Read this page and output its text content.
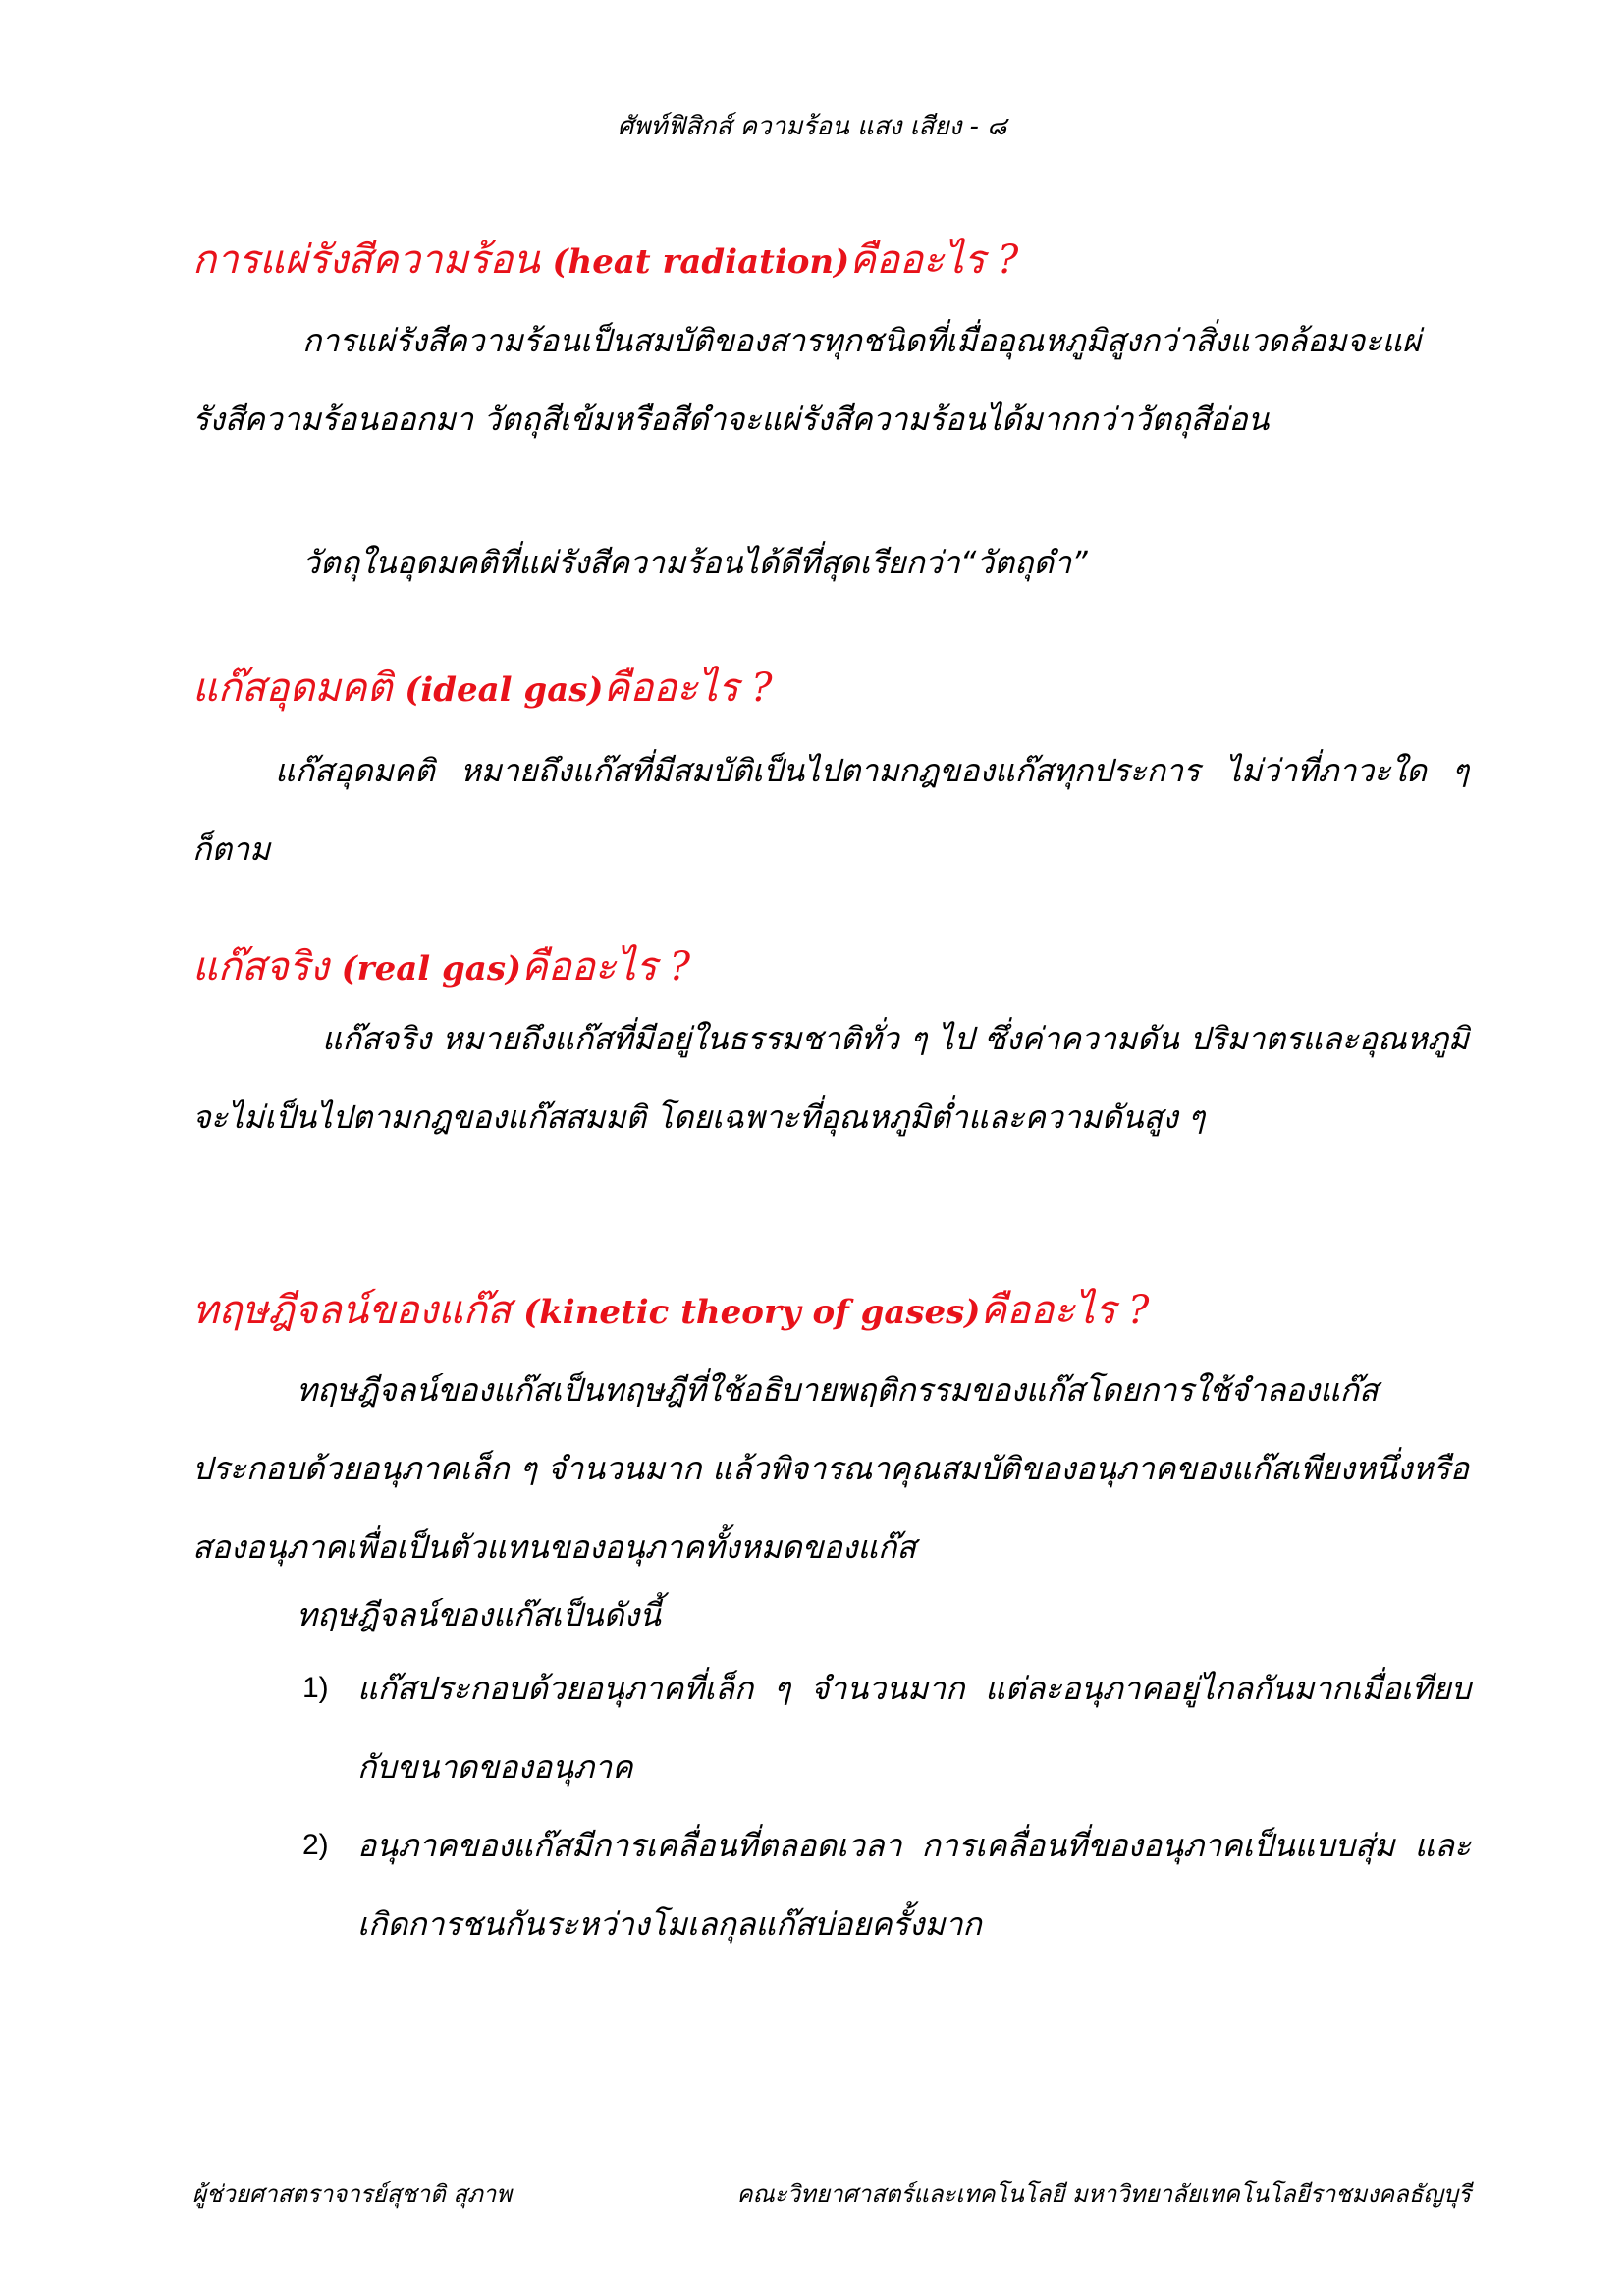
ศัพท์ฟิสิกส์ ความร้อน แสง เสียง - ๘
การแผ่รังสีความร้อน (heat radiation)คืออะไร ?
การแผ่รังสีความร้อนเป็นสมบัติของสารทุกชนิดที่เมื่ออุณหภูมิสูงกว่าสิ่งแวดล้อมจะแผ่รังสีความร้อนออกมา วัตถุสีเข้มหรือสีดำจะแผ่รังสีความร้อนได้มากกว่าวัตถุสีอ่อน
วัตถุในอุดมคติที่แผ่รังสีความร้อนได้ดีที่สุดเรียกว่า“วัตถุดำ”
แก๊สอุดมคติ (ideal gas)คืออะไร ?
แก๊สอุดมคติ หมายถึงแก๊สที่มีสมบัติเป็นไปตามกฎของแก๊สทุกประการ ไม่ว่าที่ภาวะใด ๆ ก็ตาม
แก๊สจริง (real gas)คืออะไร ?
แก๊สจริง หมายถึงแก๊สที่มีอยู่ในธรรมชาติทั่ว ๆ ไป ซึ่งค่าความดัน ปริมาตรและอุณหภูมิจะไม่เป็นไปตามกฎของแก๊สสมมติ โดยเฉพาะที่อุณหภูมิต่ำและความดันสูง ๆ
ทฤษฎีจลน์ของแก๊ส (kinetic theory of gases)คืออะไร ?
ทฤษฎีจลน์ของแก๊สเป็นทฤษฎีที่ใช้อธิบายพฤติกรรมของแก๊สโดยการใช้จำลองแก๊สประกอบด้วยอนุภาคเล็ก ๆ จำนวนมาก แล้วพิจารณาคุณสมบัติของอนุภาคของแก๊สเพียงหนึ่งหรือสองอนุภาคเพื่อเป็นตัวแทนของอนุภาคทั้งหมดของแก๊ส
ทฤษฎีจลน์ของแก๊สเป็นดังนี้
1) แก๊สประกอบด้วยอนุภาคที่เล็ก ๆ จำนวนมาก แต่ละอนุภาคอยู่ไกลกันมากเมื่อเทียบกับขนาดของอนุภาค
2) อนุภาคของแก๊สมีการเคลื่อนที่ตลอดเวลา การเคลื่อนที่ของอนุภาคเป็นแบบสุ่ม และเกิดการชนกันระหว่างโมเลกุลแก๊สบ่อยครั้งมาก
ผู้ช่วยศาสตราจารย์สุชาติ สุภาพ	คณะวิทยาศาสตร์และเทคโนโลยี มหาวิทยาลัยเทคโนโลยีราชมงคลธัญบุรี
